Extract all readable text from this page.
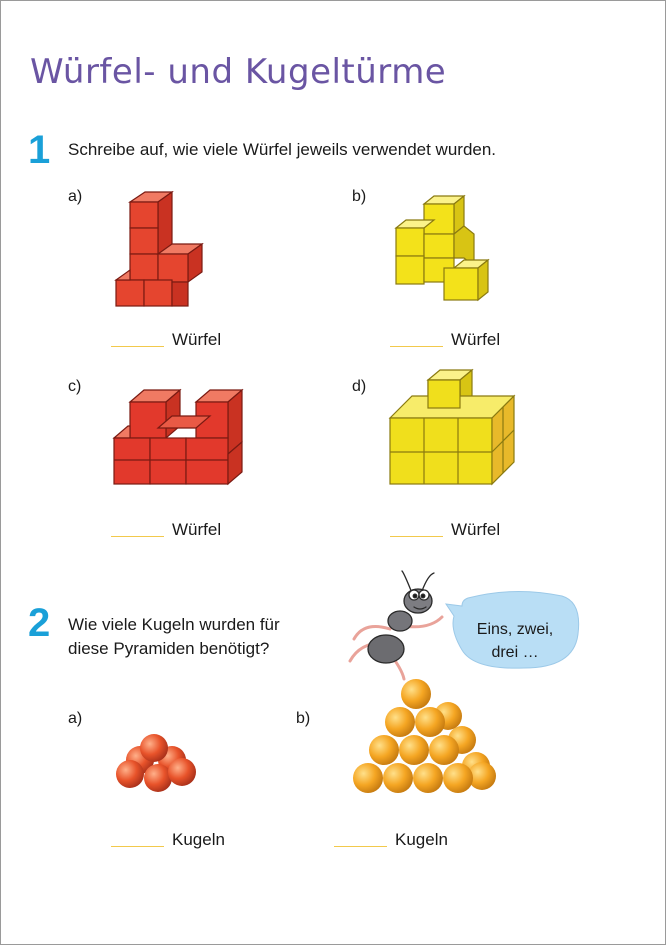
Würfel- und Kugeltürme
1 Schreibe auf, wie viele Würfel jeweils verwendet wurden.
a)
Würfel
b)
Würfel
c)
Würfel
d)
Würfel
2 Wie viele Kugeln wurden für
diese Pyramiden benötigt?
Eins, zwei,
drei …
a)
Kugeln
b)
Kugeln
